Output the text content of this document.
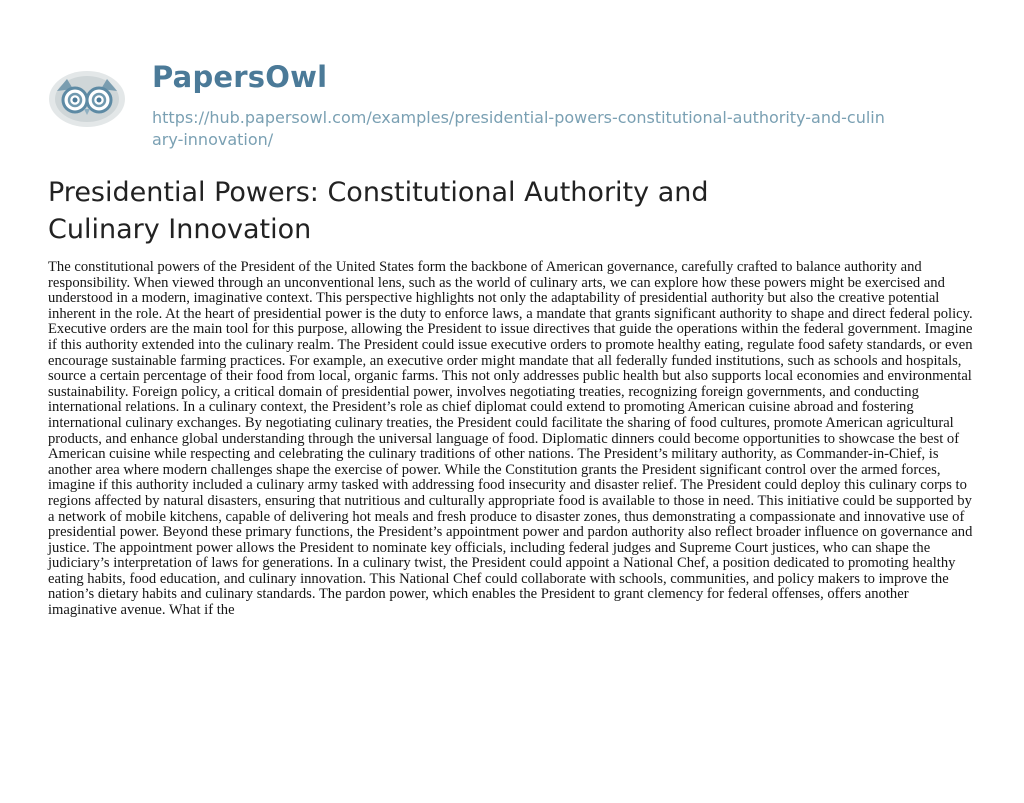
PapersOwl
https://hub.papersowl.com/examples/presidential-powers-constitutional-authority-and-culinary-innovation/
Presidential Powers: Constitutional Authority and Culinary Innovation

The constitutional powers of the President of the United States form the backbone of American governance, carefully crafted to balance authority and responsibility. When viewed through an unconventional lens, such as the world of culinary arts, we can explore how these powers might be exercised and understood in a modern, imaginative context. This perspective highlights not only the adaptability of presidential authority but also the creative potential inherent in the role. At the heart of presidential power is the duty to enforce laws, a mandate that grants significant authority to shape and direct federal policy. Executive orders are the main tool for this purpose, allowing the President to issue directives that guide the operations within the federal government. Imagine if this authority extended into the culinary realm. The President could issue executive orders to promote healthy eating, regulate food safety standards, or even encourage sustainable farming practices. For example, an executive order might mandate that all federally funded institutions, such as schools and hospitals, source a certain percentage of their food from local, organic farms. This not only addresses public health but also supports local economies and environmental sustainability. Foreign policy, a critical domain of presidential power, involves negotiating treaties, recognizing foreign governments, and conducting international relations. In a culinary context, the President’s role as chief diplomat could extend to promoting American cuisine abroad and fostering international culinary exchanges. By negotiating culinary treaties, the President could facilitate the sharing of food cultures, promote American agricultural products, and enhance global understanding through the universal language of food. Diplomatic dinners could become opportunities to showcase the best of American cuisine while respecting and celebrating the culinary traditions of other nations. The President’s military authority, as Commander-in-Chief, is another area where modern challenges shape the exercise of power. While the Constitution grants the President significant control over the armed forces, imagine if this authority included a culinary army tasked with addressing food insecurity and disaster relief. The President could deploy this culinary corps to regions affected by natural disasters, ensuring that nutritious and culturally appropriate food is available to those in need. This initiative could be supported by a network of mobile kitchens, capable of delivering hot meals and fresh produce to disaster zones, thus demonstrating a compassionate and innovative use of presidential power. Beyond these primary functions, the President’s appointment power and pardon authority also reflect broader influence on governance and justice. The appointment power allows the President to nominate key officials, including federal judges and Supreme Court justices, who can shape the judiciary’s interpretation of laws for generations. In a culinary twist, the President could appoint a National Chef, a position dedicated to promoting healthy eating habits, food education, and culinary innovation. This National Chef could collaborate with schools, communities, and policy makers to improve the nation’s dietary habits and culinary standards. The pardon power, which enables the President to grant clemency for federal offenses, offers another imaginative avenue. What if the
